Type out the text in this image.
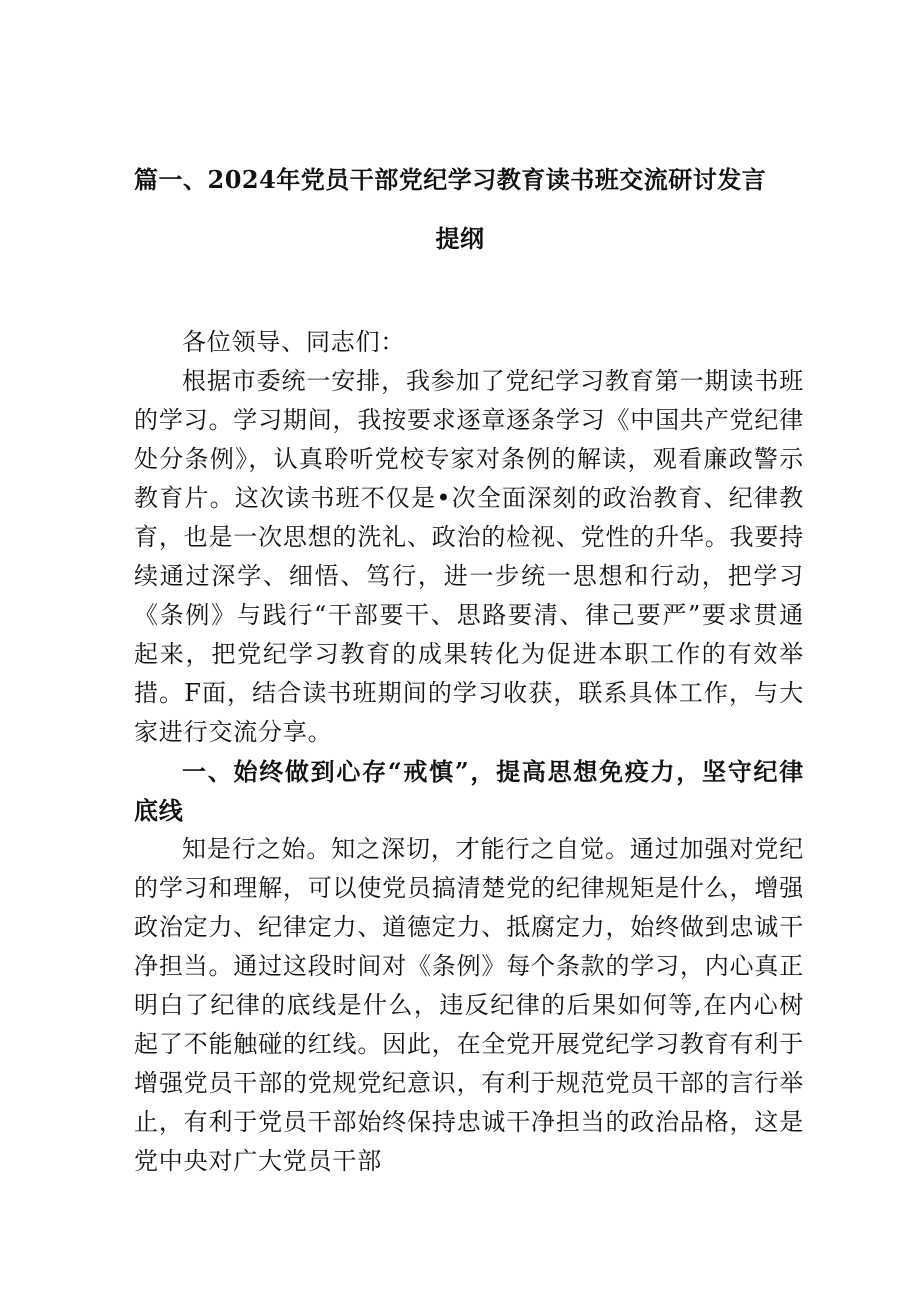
篇一、2024年党员干部党纪学习教育读书班交流研讨发言
提纲

各位领导、同志们：

根据市委统一安排，我参加了党纪学习教育第一期读书班的学习。学习期间，我按要求逐章逐条学习《中国共产党纪律处分条例》，认真聆听党校专家对条例的解读，观看廉政警示教育片。这次读书班不仅是•次全面深刻的政治教育、纪律教育，也是一次思想的洗礼、政治的检视、党性的升华。我要持续通过深学、细悟、笃行，进一步统一思想和行动，把学习《条例》与践行“干部要干、思路要清、律己要严”要求贯通起来，把党纪学习教育的成果转化为促进本职工作的有效举措。F面，结合读书班期间的学习收获，联系具体工作，与大家进行交流分享。

一、始终做到心存“戒慎”，提高思想免疫力，坚守纪律底线

知是行之始。知之深切，才能行之自觉。通过加强对党纪的学习和理解，可以使党员搞清楚党的纪律规矩是什么，增强政治定力、纪律定力、道德定力、抵腐定力，始终做到忠诚干净担当。通过这段时间对《条例》每个条款的学习，内心真正明白了纪律的底线是什么，违反纪律的后果如何等,在内心树起了不能触碰的红线。因此，在全党开展党纪学习教育有利于增强党员干部的党规党纪意识，有利于规范党员干部的言行举止，有利于党员干部始终保持忠诚干净担当的政治品格，这是党中央对广大党员干部
